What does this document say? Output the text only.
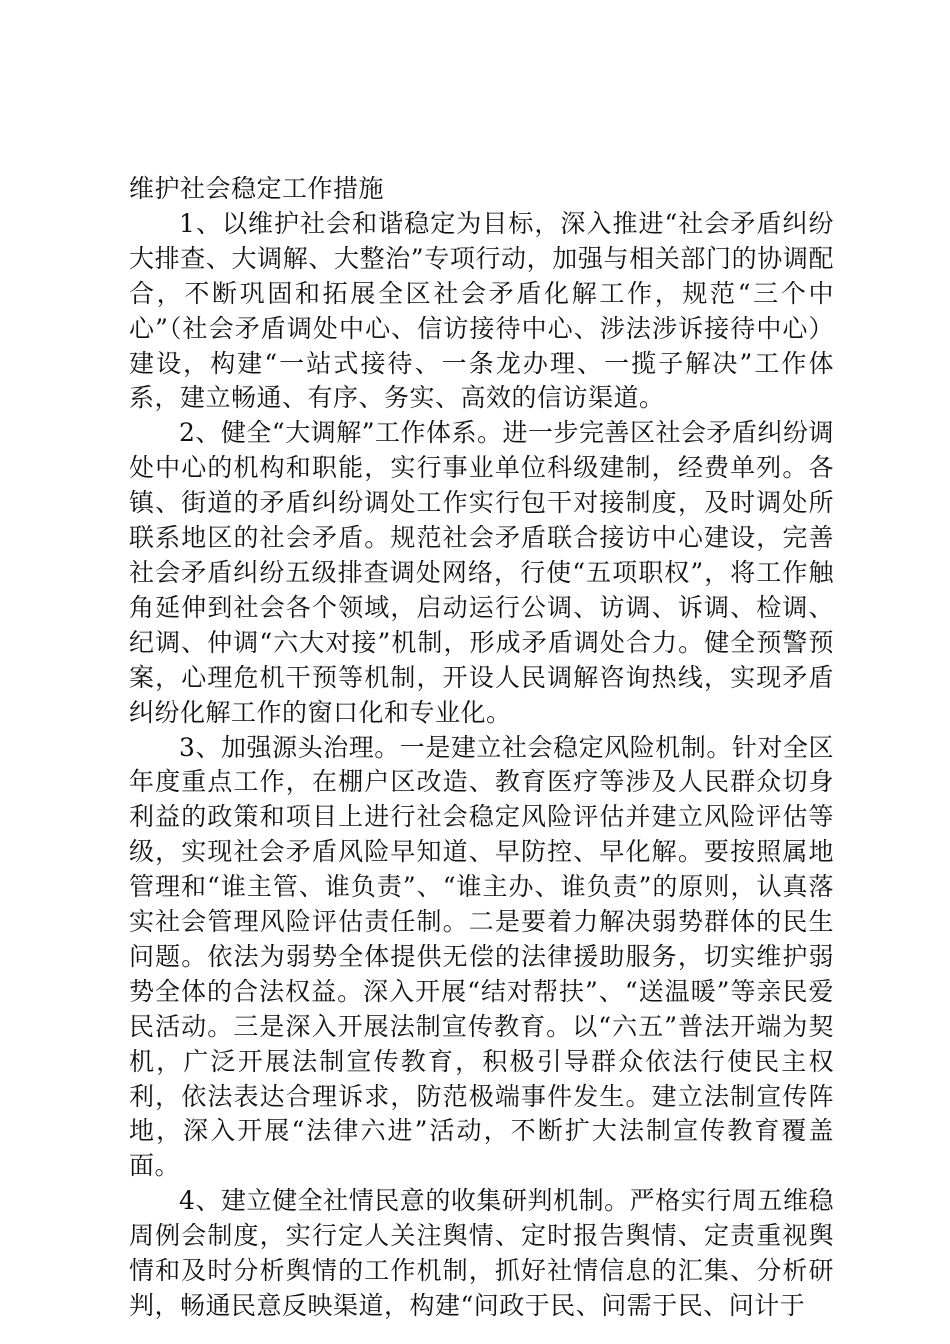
维护社会稳定工作措施

1、以维护社会和谐稳定为目标，深入推进“社会矛盾纠纷大排查、大调解、大整治”专项行动，加强与相关部门的协调配合，不断巩固和拓展全区社会矛盾化解工作，规范“三个中心”（社会矛盾调处中心、信访接待中心、涉法涉诉接待中心）建设，构建“一站式接待、一条龙办理、一揽子解决”工作体系，建立畅通、有序、务实、高效的信访渠道。

2、健全“大调解”工作体系。进一步完善区社会矛盾纠纷调处中心的机构和职能，实行事业单位科级建制，经费单列。各镇、街道的矛盾纠纷调处工作实行包干对接制度，及时调处所联系地区的社会矛盾。规范社会矛盾联合接访中心建设，完善社会矛盾纠纷五级排查调处网络，行使“五项职权”，将工作触角延伸到社会各个领域，启动运行公调、访调、诉调、检调、纪调、仲调“六大对接”机制，形成矛盾调处合力。健全预警预案，心理危机干预等机制，开设人民调解咨询热线，实现矛盾纠纷化解工作的窗口化和专业化。

3、加强源头治理。一是建立社会稳定风险机制。针对全区年度重点工作，在棚户区改造、教育医疗等涉及人民群众切身利益的政策和项目上进行社会稳定风险评估并建立风险评估等级，实现社会矛盾风险早知道、早防控、早化解。要按照属地管理和“谁主管、谁负责”、“谁主办、谁负责”的原则，认真落实社会管理风险评估责任制。二是要着力解决弱势群体的民生问题。依法为弱势全体提供无偿的法律援助服务，切实维护弱势全体的合法权益。深入开展“结对帮扶”、“送温暖”等亲民爱民活动。三是深入开展法制宣传教育。以“六五”普法开端为契机，广泛开展法制宣传教育，积极引导群众依法行使民主权利，依法表达合理诉求，防范极端事件发生。建立法制宣传阵地，深入开展“法律六进”活动，不断扩大法制宣传教育覆盖面。

4、建立健全社情民意的收集研判机制。严格实行周五维稳周例会制度，实行定人关注舆情、定时报告舆情、定责重视舆情和及时分析舆情的工作机制，抓好社情信息的汇集、分析研判，畅通民意反映渠道，构建“问政于民、问需于民、问计于
